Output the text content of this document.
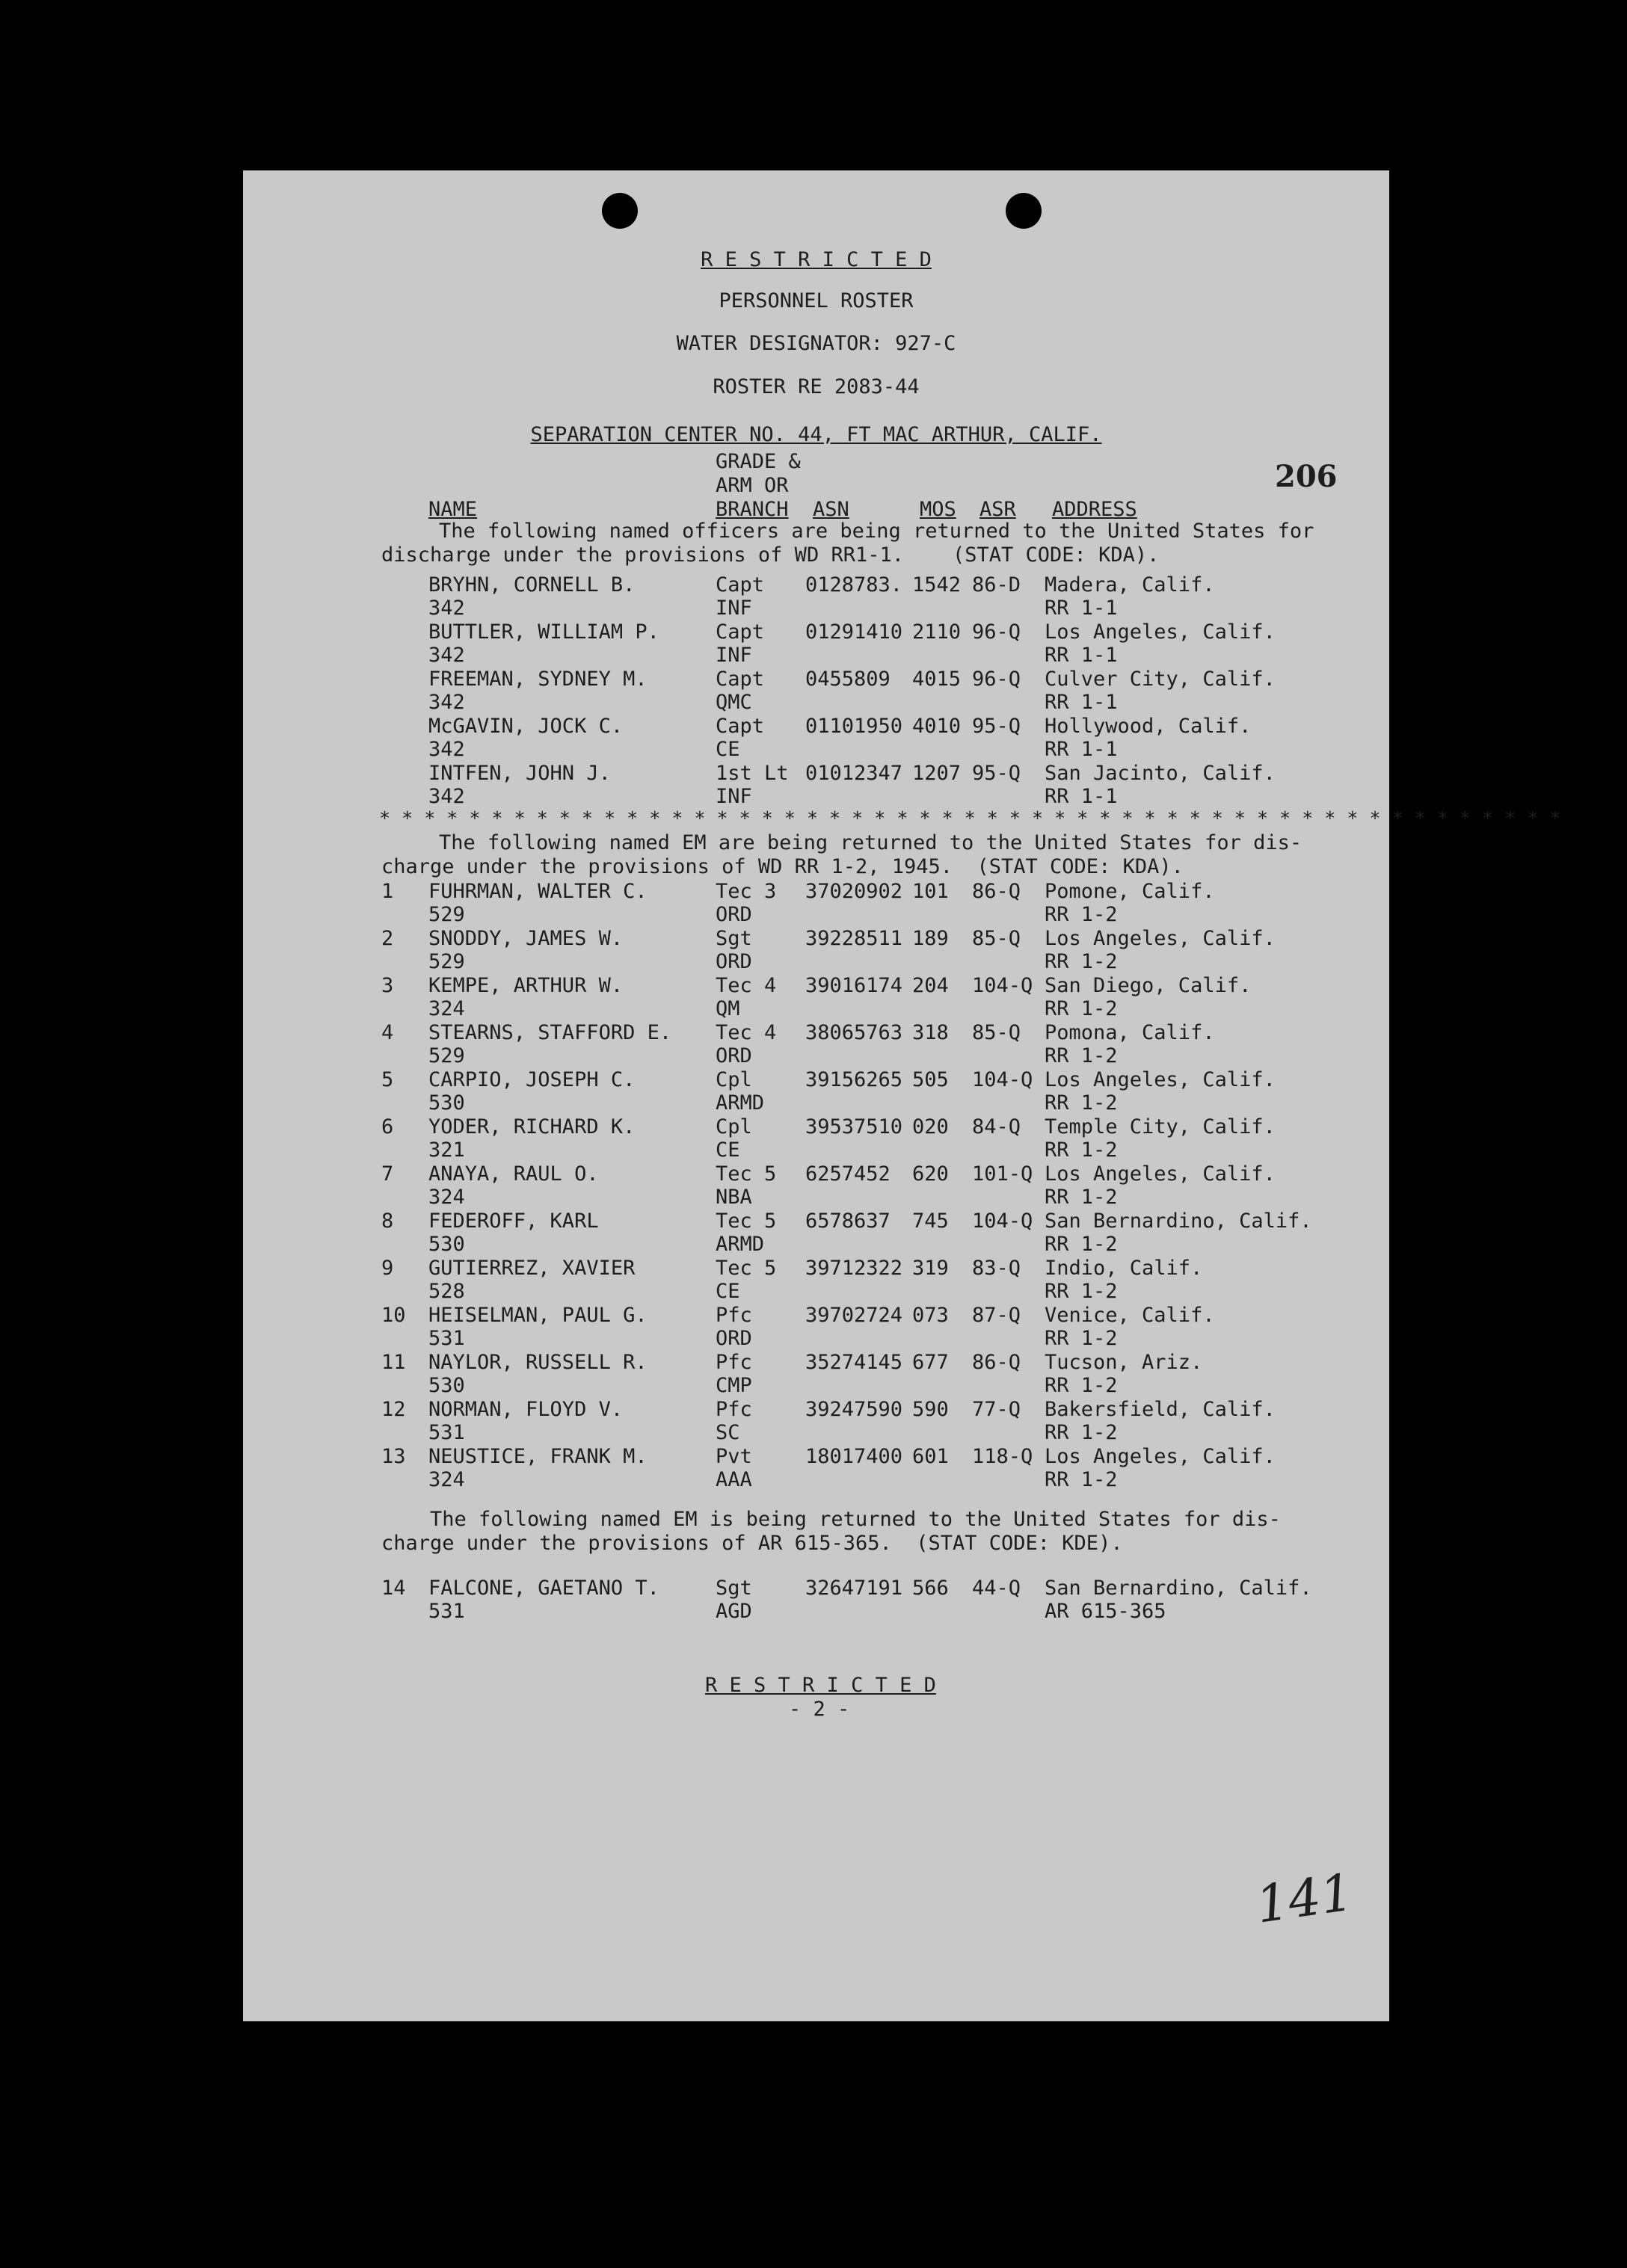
R E S T R I C T E D
PERSONNEL ROSTER
WATER DESIGNATOR: 927-C
ROSTER RE 2083-44
SEPARATION CENTER NO. 44, FT MAC ARTHUR, CALIF.
206
GRADE &
ARM OR
NAME	BRANCH ASN	MOS ASR ADDRESS
The following named officers are being returned to the United States for
discharge under the provisions of WD RR1-1.    (STAT CODE: KDA).
BRYHN, CORNELL B.	Capt 0128783. 1542 86-D Madera, Calif.
342	INF	RR 1-1
BUTTLER, WILLIAM P.	Capt 01291410 2110 96-Q Los Angeles, Calif.
342	INF	RR 1-1
FREEMAN, SYDNEY M.	Capt 0455809 4015 96-Q Culver City, Calif.
342	QMC	RR 1-1
McGAVIN, JOCK C.	Capt 01101950 4010 95-Q Hollywood, Calif.
342	CE	RR 1-1
INTFEN, JOHN J.	1st Lt 01012347 1207 95-Q San Jacinto, Calif.
342	INF	RR 1-1
* * * * * * * * * * * * * * * * * * * * * * * * * * * * * * * * * * * * * * * * * * * * * * * * * * * * *
The following named EM are being returned to the United States for dis-
charge under the provisions of WD RR 1-2, 1945.  (STAT CODE: KDA).
1 FUHRMAN, WALTER C.	Tec 3 37020902 101 86-Q Pomone, Calif.
529	ORD	RR 1-2
2 SNODDY, JAMES W.	Sgt	39228511 189 85-Q Los Angeles, Calif.
529	ORD	RR 1-2
3 KEMPE, ARTHUR W.	Tec 4 39016174 204 104-Q San Diego, Calif.
324	QM	RR 1-2
4 STEARNS, STAFFORD E. Tec 4 38065763 318 85-Q Pomona, Calif.
529	ORD	RR 1-2
5 CARPIO, JOSEPH C.	Cpl	39156265 505 104-Q Los Angeles, Calif.
530	ARMD	RR 1-2
6 YODER, RICHARD K.	Cpl	39537510 020 84-Q Temple City, Calif.
321	CE	RR 1-2
7 ANAYA, RAUL O.	Tec 5 6257452 620 101-Q Los Angeles, Calif.
324	NBA	RR 1-2
8 FEDEROFF, KARL	Tec 5 6578637 745 104-Q San Bernardino, Calif.
530	ARMD	RR 1-2
9 GUTIERREZ, XAVIER	Tec 5 39712322 319 83-Q Indio, Calif.
528	CE	RR 1-2
10 HEISELMAN, PAUL G.	Pfc	39702724 073 87-Q Venice, Calif.
531	ORD	RR 1-2
11 NAYLOR, RUSSELL R.	Pfc	35274145 677 86-Q Tucson, Ariz.
530	CMP	RR 1-2
12 NORMAN, FLOYD V.	Pfc	39247590 590 77-Q Bakersfield, Calif.
531	SC	RR 1-2
13 NEUSTICE, FRANK M.	Pvt	18017400 601 118-Q Los Angeles, Calif.
324	AAA	RR 1-2
The following named EM is being returned to the United States for dis-
charge under the provisions of AR 615-365.  (STAT CODE: KDE).
14 FALCONE, GAETANO T.	Sgt	32647191 566 44-Q San Bernardino, Calif.
531	AGD	AR 615-365
R E S T R I C T E D
- 2 -
141
